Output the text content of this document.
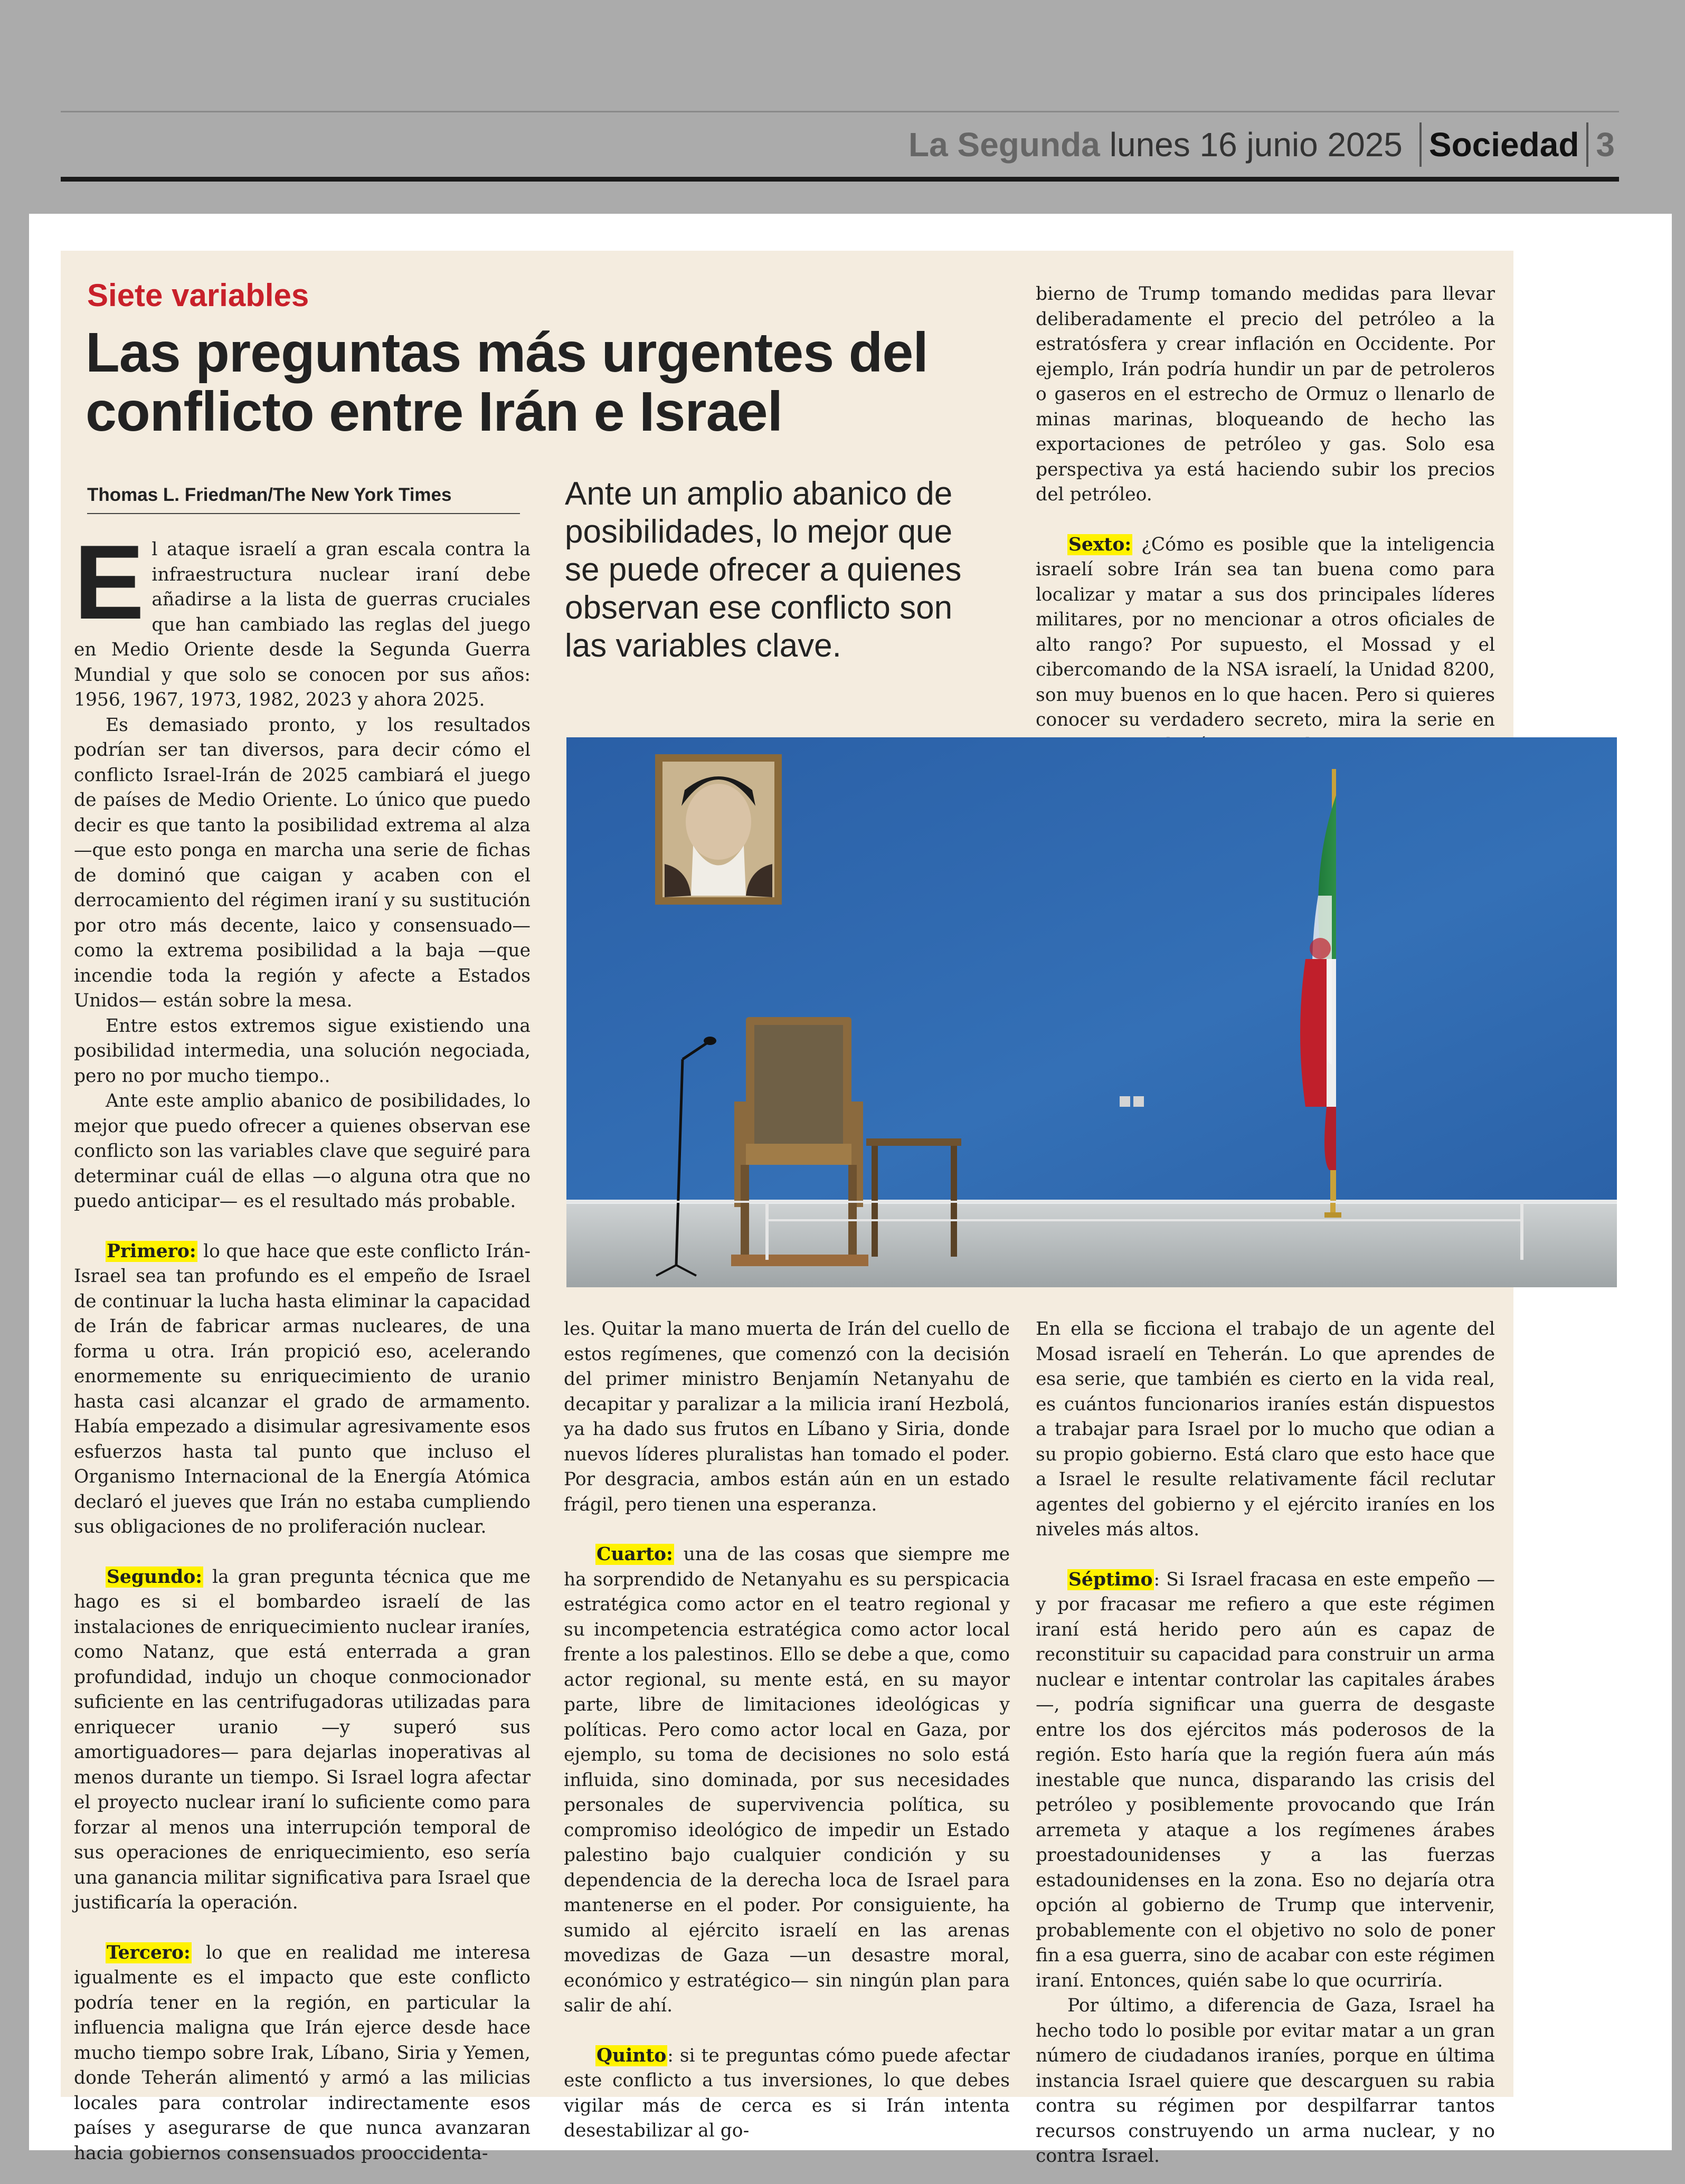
La Segunda lunes 16 junio 2025 Sociedad 3
Siete variables
Las preguntas más urgentes del conflicto entre Irán e Israel
Thomas L. Friedman/The New York Times	Ante un amplio abanico de posibilidades, lo mejor que se puede ofrecer a quienes observan ese conflicto son las variables clave.

El ataque israelí a gran escala contra la infraestructura nuclear iraní debe añadirse a la lista de guerras cruciales que han cambiado las reglas del juego en Medio Oriente desde la Segunda Guerra Mundial y que solo se conocen por sus años: 1956, 1967, 1973, 1982, 2023 y ahora 2025.

Es demasiado pronto, y los resultados podrían ser tan diversos, para decir cómo el conflicto Israel-Irán de 2025 cambiará el juego de países de Medio Oriente. Lo único que puedo decir es que tanto la posibilidad extrema al alza —que esto ponga en marcha una serie de fichas de dominó que caigan y acaben con el derrocamiento del régimen iraní y su sustitución por otro más decente, laico y consensuado— como la extrema posibilidad a la baja —que incendie toda la región y afecte a Estados Unidos— están sobre la mesa.

Entre estos extremos sigue existiendo una posibilidad intermedia, una solución negociada, pero no por mucho tiempo..

Ante este amplio abanico de posibilidades, lo mejor que puedo ofrecer a quienes observan ese conflicto son las variables clave que seguiré para determinar cuál de ellas —o alguna otra que no puedo anticipar— es el resultado más probable.

Primero: lo que hace que este conflicto Irán-Israel sea tan profundo es el empeño de Israel de continuar la lucha hasta eliminar la capacidad de Irán de fabricar armas nucleares, de una forma u otra. Irán propició eso, acelerando enormemente su enriquecimiento de uranio hasta casi alcanzar el grado de armamento. Había empezado a disimular agresivamente esos esfuerzos hasta tal punto que incluso el Organismo Internacional de la Energía Atómica declaró el jueves que Irán no estaba cumpliendo sus obligaciones de no proliferación nuclear.

Segundo: la gran pregunta técnica que me hago es si el bombardeo israelí de las instalaciones de enriquecimiento nuclear iraníes, como Natanz, que está enterrada a gran profundidad, indujo un choque conmocionador suficiente en las centrifugadoras utilizadas para enriquecer uranio —y superó sus amortiguadores— para dejarlas inoperativas al menos durante un tiempo. Si Israel logra afectar el proyecto nuclear iraní lo suficiente como para forzar al menos una interrupción temporal de sus operaciones de enriquecimiento, eso sería una ganancia militar significativa para Israel que justificaría la operación.

Tercero: lo que en realidad me interesa igualmente es el impacto que este conflicto podría tener en la región, en particular la influencia maligna que Irán ejerce desde hace mucho tiempo sobre Irak, Líbano, Siria y Yemen, donde Teherán alimentó y armó a las milicias locales para controlar indirectamente esos países y asegurarse de que nunca avanzaran hacia gobiernos consensuados prooccidenta-

bierno de Trump tomando medidas para llevar deliberadamente el precio del petróleo a la estratósfera y crear inflación en Occidente. Por ejemplo, Irán podría hundir un par de petroleros o gaseros en el estrecho de Ormuz o llenarlo de minas marinas, bloqueando de hecho las exportaciones de petróleo y gas. Solo esa perspectiva ya está haciendo subir los precios del petróleo.

Sexto: ¿Cómo es posible que la inteligencia israelí sobre Irán sea tan buena como para localizar y matar a sus dos principales líderes militares, por no mencionar a otros oficiales de alto rango? Por supuesto, el Mossad y el cibercomando de la NSA israelí, la Unidad 8200, son muy buenos en lo que hacen. Pero si quieres conocer su verdadero secreto, mira la serie en

les. Quitar la mano muerta de Irán del cuello de estos regímenes, que comenzó con la decisión del primer ministro Benjamín Netanyahu de decapitar y paralizar a la milicia iraní Hezbolá, ya ha dado sus frutos en Líbano y Siria, donde nuevos líderes pluralistas han tomado el poder. Por desgracia, ambos están aún en un estado frágil, pero tienen una esperanza.

Cuarto: una de las cosas que siempre me ha sorprendido de Netanyahu es su perspicacia estratégica como actor en el teatro regional y su incompetencia estratégica como actor local frente a los palestinos. Ello se debe a que, como actor regional, su mente está, en su mayor parte, libre de limitaciones ideológicas y políticas. Pero como actor local en Gaza, por ejemplo, su toma de decisiones no solo está influida, sino dominada, por sus necesidades personales de supervivencia política, su compromiso ideológico de impedir un Estado palestino bajo cualquier condición y su dependencia de la derecha loca de Israel para mantenerse en el poder. Por consiguiente, ha sumido al ejército israelí en las arenas movedizas de Gaza —un desastre moral, económico y estratégico— sin ningún plan para salir de ahí.

Quinto: si te preguntas cómo puede afectar este conflicto a tus inversiones, lo que debes vigilar más de cerca es si Irán intenta desestabilizar al go-

En ella se ficciona el trabajo de un agente del Mosad israelí en Teherán. Lo que aprendes de esa serie, que también es cierto en la vida real, es cuántos funcionarios iraníes están dispuestos a trabajar para Israel por lo mucho que odian a su propio gobierno. Está claro que esto hace que a Israel le resulte relativamente fácil reclutar agentes del gobierno y el ejército iraníes en los niveles más altos.

Séptimo: Si Israel fracasa en este empeño —y por fracasar me refiero a que este régimen iraní está herido pero aún es capaz de reconstituir su capacidad para construir un arma nuclear e intentar controlar las capitales árabes—, podría significar una guerra de desgaste entre los dos ejércitos más poderosos de la región. Esto haría que la región fuera aún más inestable que nunca, disparando las crisis del petróleo y posiblemente provocando que Irán arremeta y ataque a los regímenes árabes proestadounidenses y a las fuerzas estadounidenses en la zona. Eso no dejaría otra opción al gobierno de Trump que intervenir, probablemente con el objetivo no solo de poner fin a esa guerra, sino de acabar con este régimen iraní. Entonces, quién sabe lo que ocurriría.

Por último, a diferencia de Gaza, Israel ha hecho todo lo posible por evitar matar a un gran número de ciudadanos iraníes, porque en última instancia Israel quiere que descarguen su rabia contra su régimen por despilfarrar tantos recursos construyendo un arma nuclear, y no contra Israel.
